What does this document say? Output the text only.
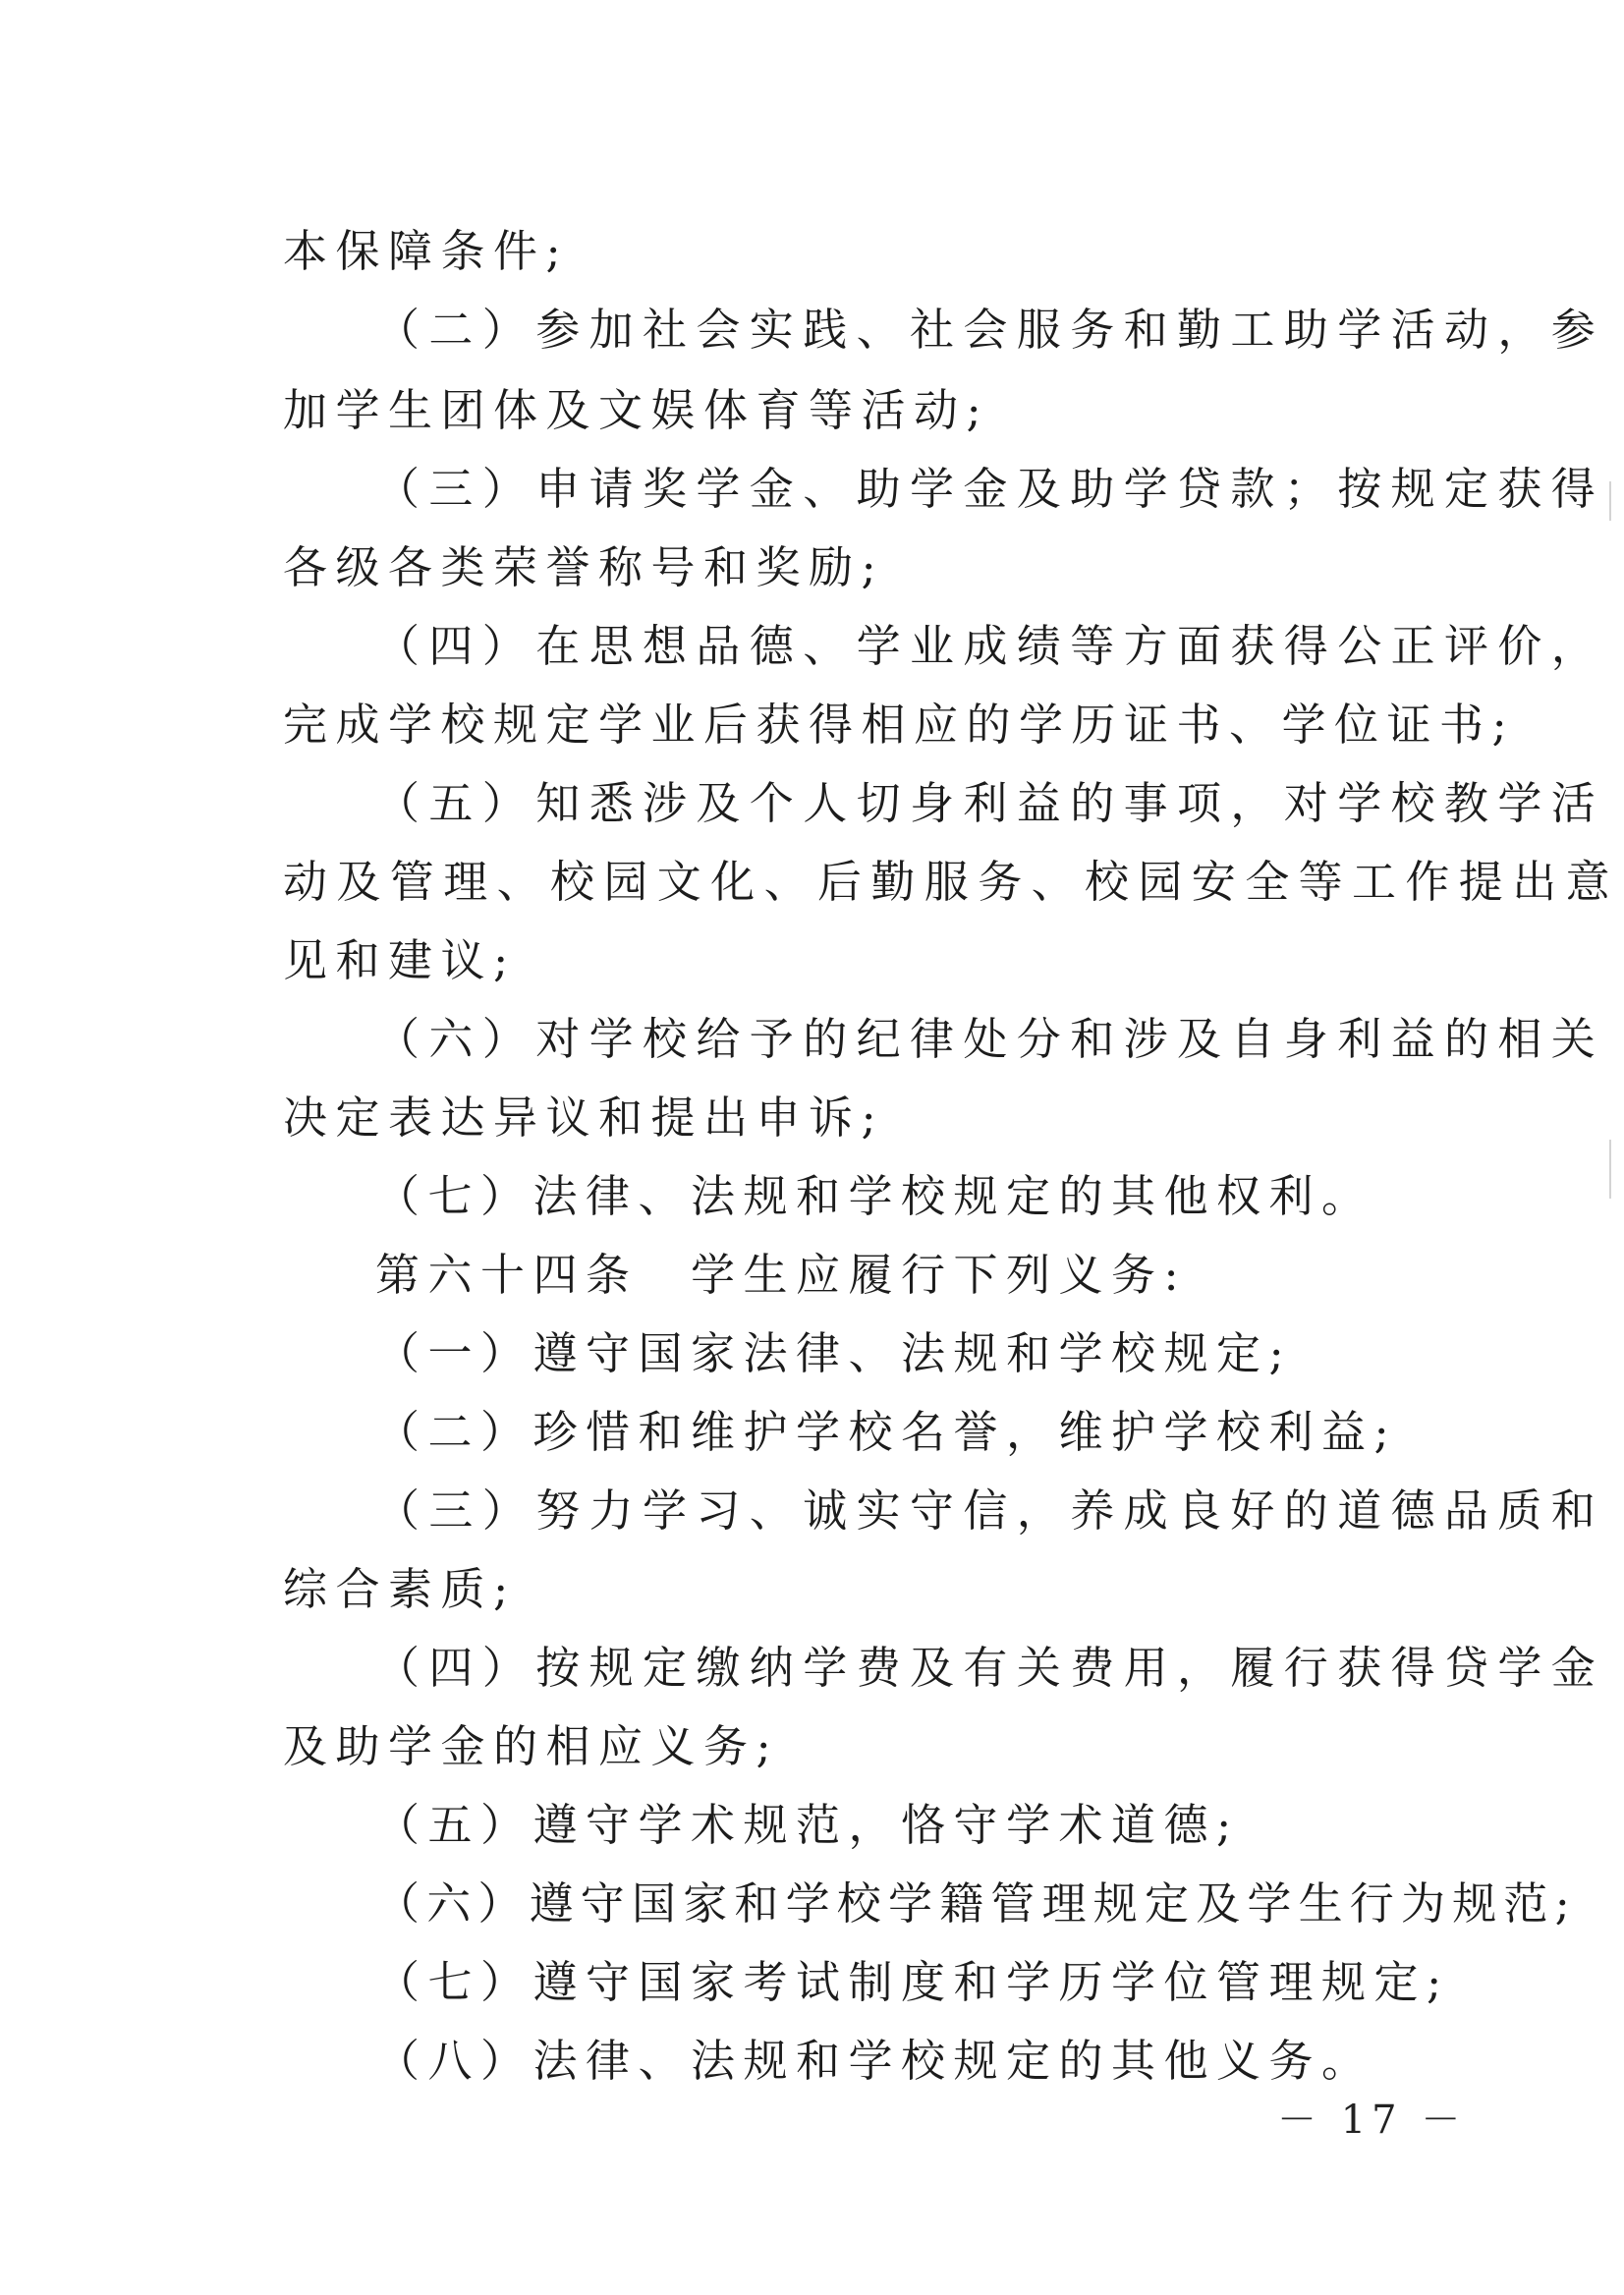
本保障条件;
（二）参加社会实践、社会服务和勤工助学活动，参
加学生团体及文娱体育等活动;
（三）申请奖学金、助学金及助学贷款；按规定获得
各级各类荣誉称号和奖励;
（四）在思想品德、学业成绩等方面获得公正评价，
完成学校规定学业后获得相应的学历证书、学位证书;
（五）知悉涉及个人切身利益的事项，对学校教学活
动及管理、校园文化、后勤服务、校园安全等工作提出意
见和建议;
（六）对学校给予的纪律处分和涉及自身利益的相关
决定表达异议和提出申诉;
（七）法律、法规和学校规定的其他权利。
第六十四条　学生应履行下列义务:
（一）遵守国家法律、法规和学校规定;
（二）珍惜和维护学校名誉，维护学校利益;
（三）努力学习、诚实守信，养成良好的道德品质和
综合素质;
（四）按规定缴纳学费及有关费用，履行获得贷学金
及助学金的相应义务;
（五）遵守学术规范，恪守学术道德;
（六）遵守国家和学校学籍管理规定及学生行为规范;
（七）遵守国家考试制度和学历学位管理规定;
（八）法律、法规和学校规定的其他义务。
－ 17 －
